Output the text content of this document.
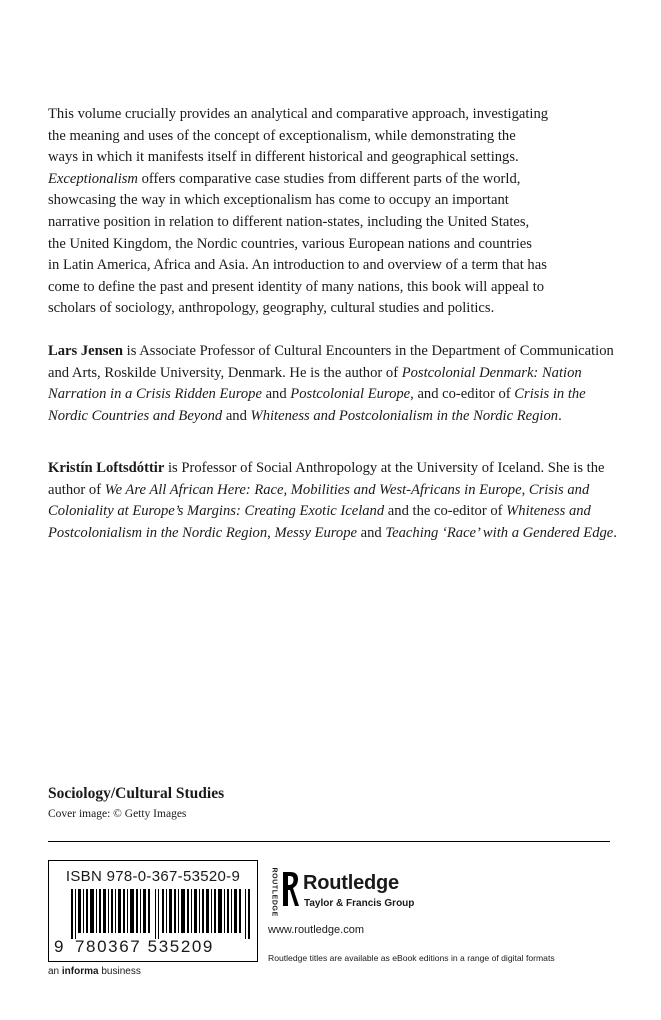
This volume crucially provides an analytical and comparative approach, investigating

the meaning and uses of the concept of exceptionalism, while demonstrating the

ways in which it manifests itself in different historical and geographical settings.

Exceptionalism offers comparative case studies from different parts of the world,

showcasing the way in which exceptionalism has come to occupy an important

narrative position in relation to different nation-states, including the United States,

the United Kingdom, the Nordic countries, various European nations and countries

in Latin America, Africa and Asia. An introduction to and overview of a term that has

come to define the past and present identity of many nations, this book will appeal to

scholars of sociology, anthropology, geography, cultural studies and politics.

Lars Jensen is Associate Professor of Cultural Encounters in the Department of Communication and Arts, Roskilde University, Denmark. He is the author of Postcolonial Denmark: Nation Narration in a Crisis Ridden Europe and Postcolonial Europe, and co-editor of Crisis in the Nordic Countries and Beyond and Whiteness and Postcolonialism in the Nordic Region.

Kristín Loftsdóttir is Professor of Social Anthropology at the University of Iceland. She is the author of We Are All African Here: Race, Mobilities and West-Africans in Europe, Crisis and Coloniality at Europe’s Margins: Creating Exotic Iceland and the co-editor of Whiteness and Postcolonialism in the Nordic Region, Messy Europe and Teaching ‘Race’ with a Gendered Edge.

Sociology/Cultural Studies
Cover image: © Getty Images
ISBN 978-0-367-53520-9
9 780367 535209
an informa business
ROUTLEDGE Routledge
Taylor & Francis Group
www.routledge.com
Routledge titles are available as eBook editions in a range of digital formats
